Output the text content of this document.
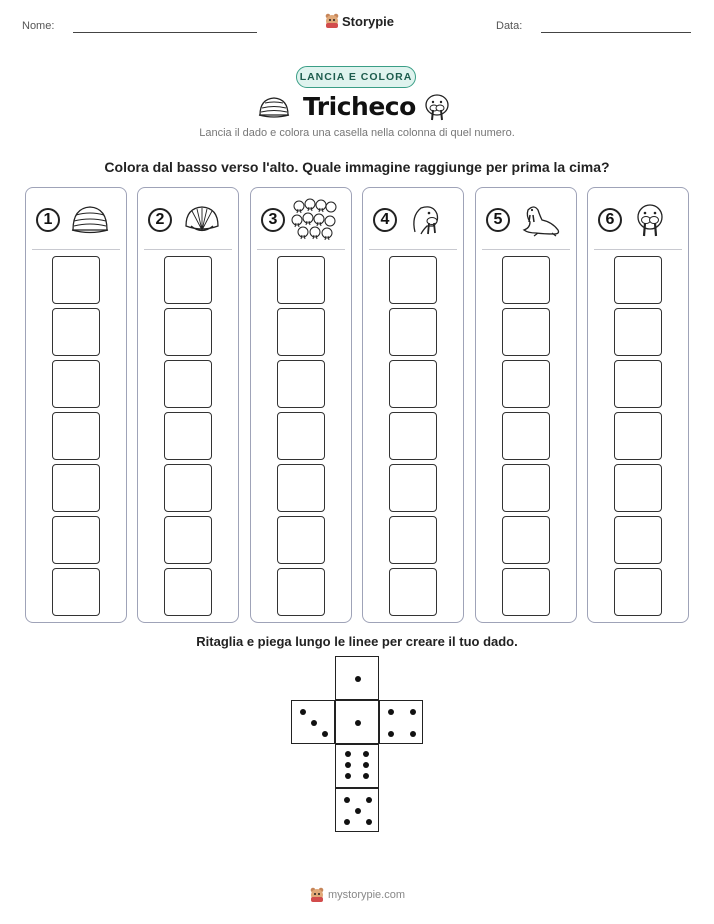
Nome:	Storypie	Data:
LANCIA E COLORA
Tricheco
Lancia il dado e colora una casella nella colonna di quel numero.
Colora dal basso verso l'alto. Quale immagine raggiunge per prima la cima?
1	2	3	4	5	6
Ritaglia e piega lungo le linee per creare il tuo dado.
mystorypie.com
